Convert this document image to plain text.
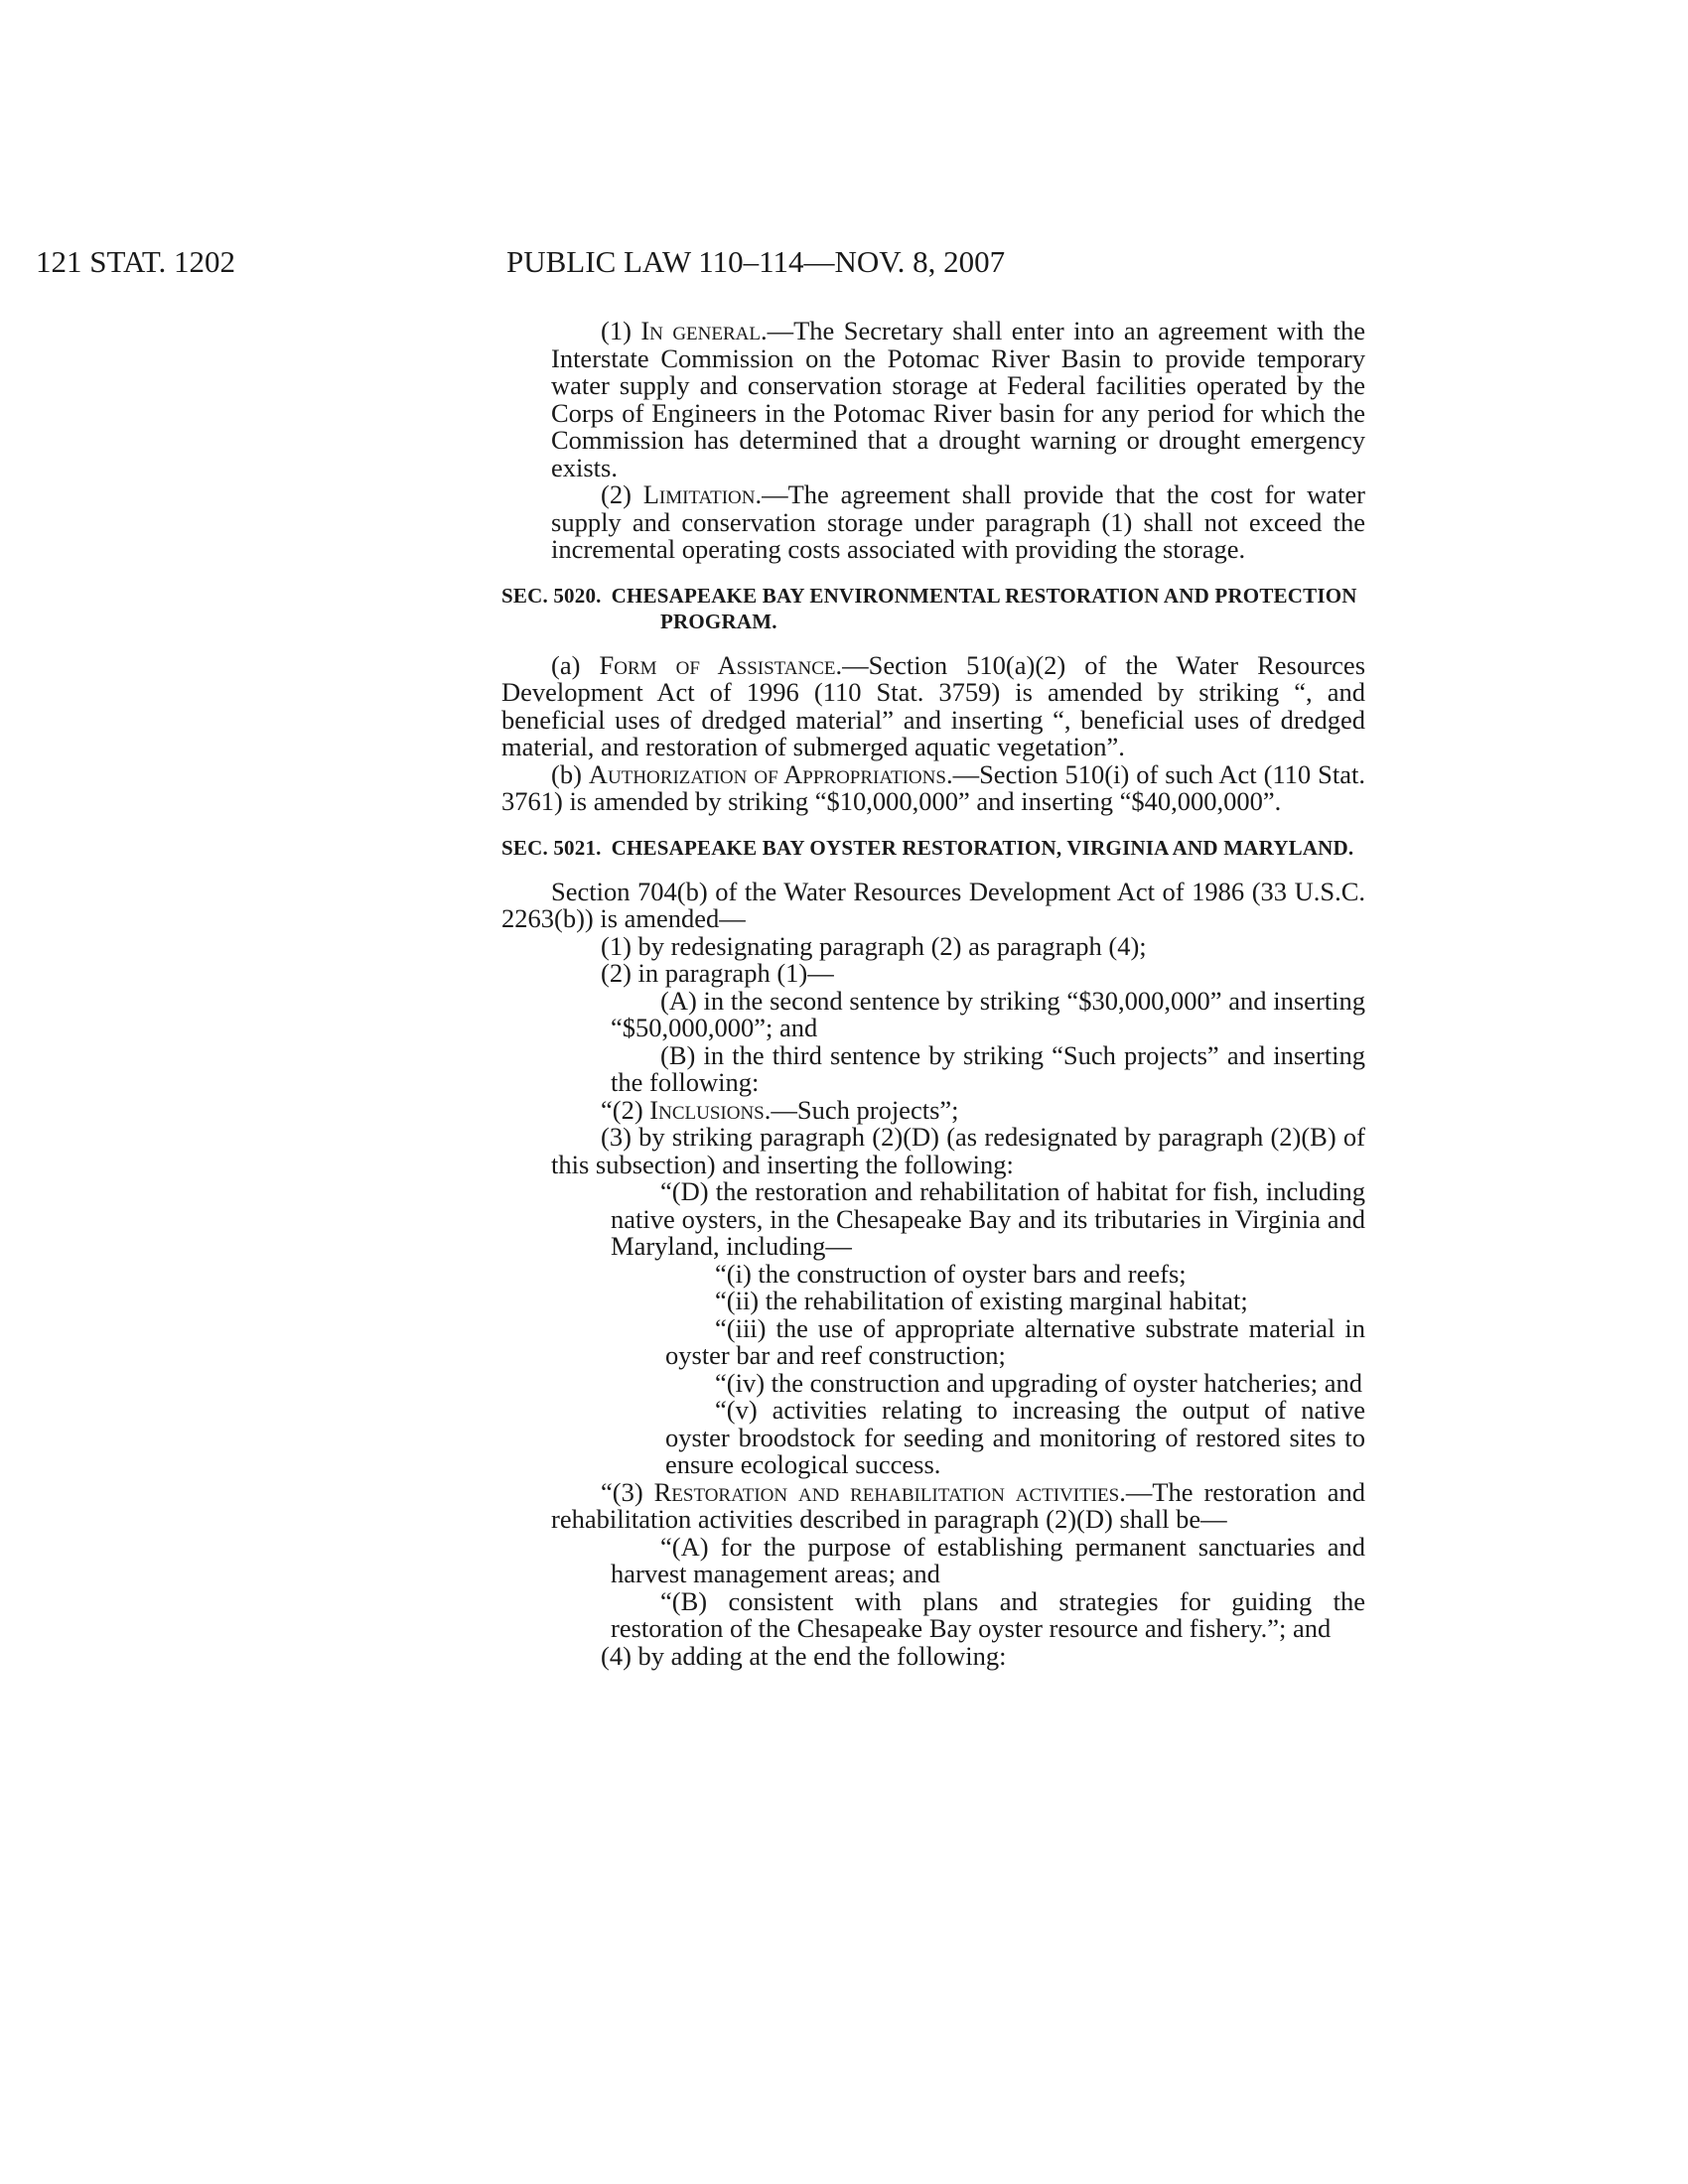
121 STAT. 1202	PUBLIC LAW 110–114—NOV. 8, 2007

(1) In general.—The Secretary shall enter into an agreement with the Interstate Commission on the Potomac River Basin to provide temporary water supply and conservation storage at Federal facilities operated by the Corps of Engineers in the Potomac River basin for any period for which the Commission has determined that a drought warning or drought emergency exists.

(2) Limitation.—The agreement shall provide that the cost for water supply and conservation storage under paragraph (1) shall not exceed the incremental operating costs associated with providing the storage.

SEC. 5020. CHESAPEAKE BAY ENVIRONMENTAL RESTORATION AND PROTECTION PROGRAM.

(a) Form of Assistance.—Section 510(a)(2) of the Water Resources Development Act of 1996 (110 Stat. 3759) is amended by striking “, and beneficial uses of dredged material” and inserting “, beneficial uses of dredged material, and restoration of submerged aquatic vegetation”.

(b) Authorization of Appropriations.—Section 510(i) of such Act (110 Stat. 3761) is amended by striking “$10,000,000” and inserting “$40,000,000”.

SEC. 5021. CHESAPEAKE BAY OYSTER RESTORATION, VIRGINIA AND MARYLAND.

Section 704(b) of the Water Resources Development Act of 1986 (33 U.S.C. 2263(b)) is amended—

(1) by redesignating paragraph (2) as paragraph (4);

(2) in paragraph (1)—

(A) in the second sentence by striking “$30,000,000” and inserting “$50,000,000”; and

(B) in the third sentence by striking “Such projects” and inserting the following:

“(2) Inclusions.—Such projects”;

(3) by striking paragraph (2)(D) (as redesignated by paragraph (2)(B) of this subsection) and inserting the following:

“(D) the restoration and rehabilitation of habitat for fish, including native oysters, in the Chesapeake Bay and its tributaries in Virginia and Maryland, including—

“(i) the construction of oyster bars and reefs;

“(ii) the rehabilitation of existing marginal habitat;

“(iii) the use of appropriate alternative substrate material in oyster bar and reef construction;

“(iv) the construction and upgrading of oyster hatcheries; and

“(v) activities relating to increasing the output of native oyster broodstock for seeding and monitoring of restored sites to ensure ecological success.

“(3) Restoration and rehabilitation activities.—The restoration and rehabilitation activities described in paragraph (2)(D) shall be—

“(A) for the purpose of establishing permanent sanctuaries and harvest management areas; and

“(B) consistent with plans and strategies for guiding the restoration of the Chesapeake Bay oyster resource and fishery.”; and

(4) by adding at the end the following:
